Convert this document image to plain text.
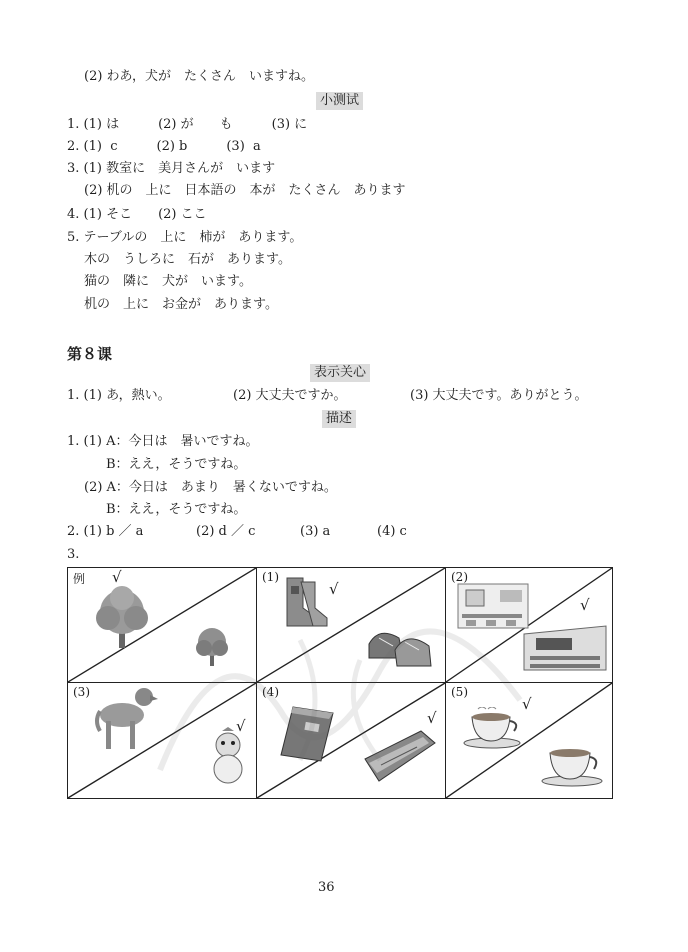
(2) わあ，犬が　たくさん　いますね。
小测试
1. (1) は　　　(2) が　　も　　　(3) に
2. (1)  c　　　(2) b　　　(3)  a
3. (1) 教室に　美月さんが　います
(2) 机の　上に　日本語の　本が　たくさん　あります
4. (1) そこ　　(2) ここ
5. テーブルの　上に　柿が　あります。
木の　うしろに　石が　あります。
猫の　隣に　犬が　います。
机の　上に　お金が　あります。
第８课
表示关心
1. (1) あ，熱い。	(2) 大丈夫ですか。	(3) 大丈夫です。ありがとう。
描述
1. (1) A：今日は　暑いですね。
B：ええ，そうですね。
(2) A：今日は　あまり　暑くないですね。
B：ええ，そうですね。
2. (1) b ／ a	(2) d ／ c	(3) a	(4) c
3.
例 √	(1)
√
(2)
√
(3)
√
(4)
√
(5)
√
36
